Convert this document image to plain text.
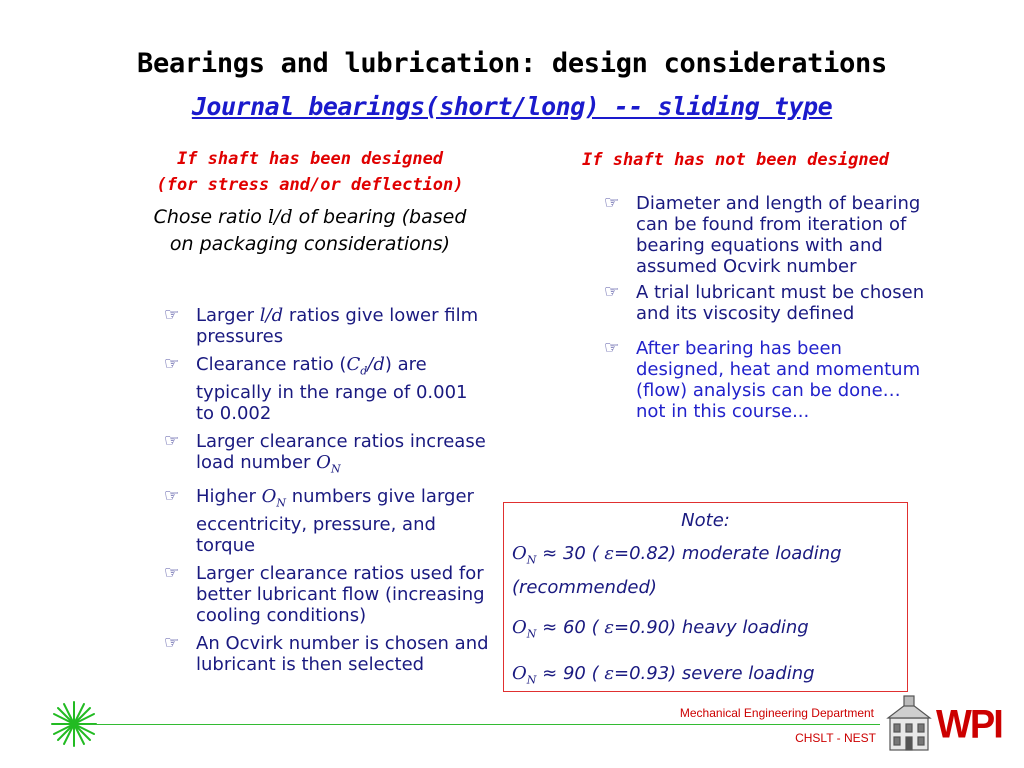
Bearings and lubrication: design considerations
Journal bearings(short/long) -- sliding type
If shaft has been designed
(for stress and/or deflection)
Chose ratio l/d of bearing (based on packaging considerations)
☞ Larger l/d ratios give lower film pressures
☞ Clearance ratio $(C_d/d)$ are typically in the range of 0.001 to 0.002
☞ Larger clearance ratios increase load number $O_N$
☞ Higher $O_N$ numbers give larger eccentricity, pressure, and torque
☞ Larger clearance ratios used for better lubricant flow (increasing cooling conditions)
☞ An Ocvirk number is chosen and lubricant is then selected
If shaft has not been designed
☞ Diameter and length of bearing can be found from iteration of bearing equations with and assumed Ocvirk number
☞ A trial lubricant must be chosen and its viscosity defined
☞ After bearing has been designed, heat and momentum (flow) analysis can be done… not in this course...
Note:
$O_N \approx 30$ ( ε=0.82) moderate loading (recommended)
$O_N \approx 60$ ( ε=0.90) heavy loading
$O_N \approx 90$ ( ε=0.93) severe loading
Mechanical Engineering Department
CHSLT - NEST WPI
